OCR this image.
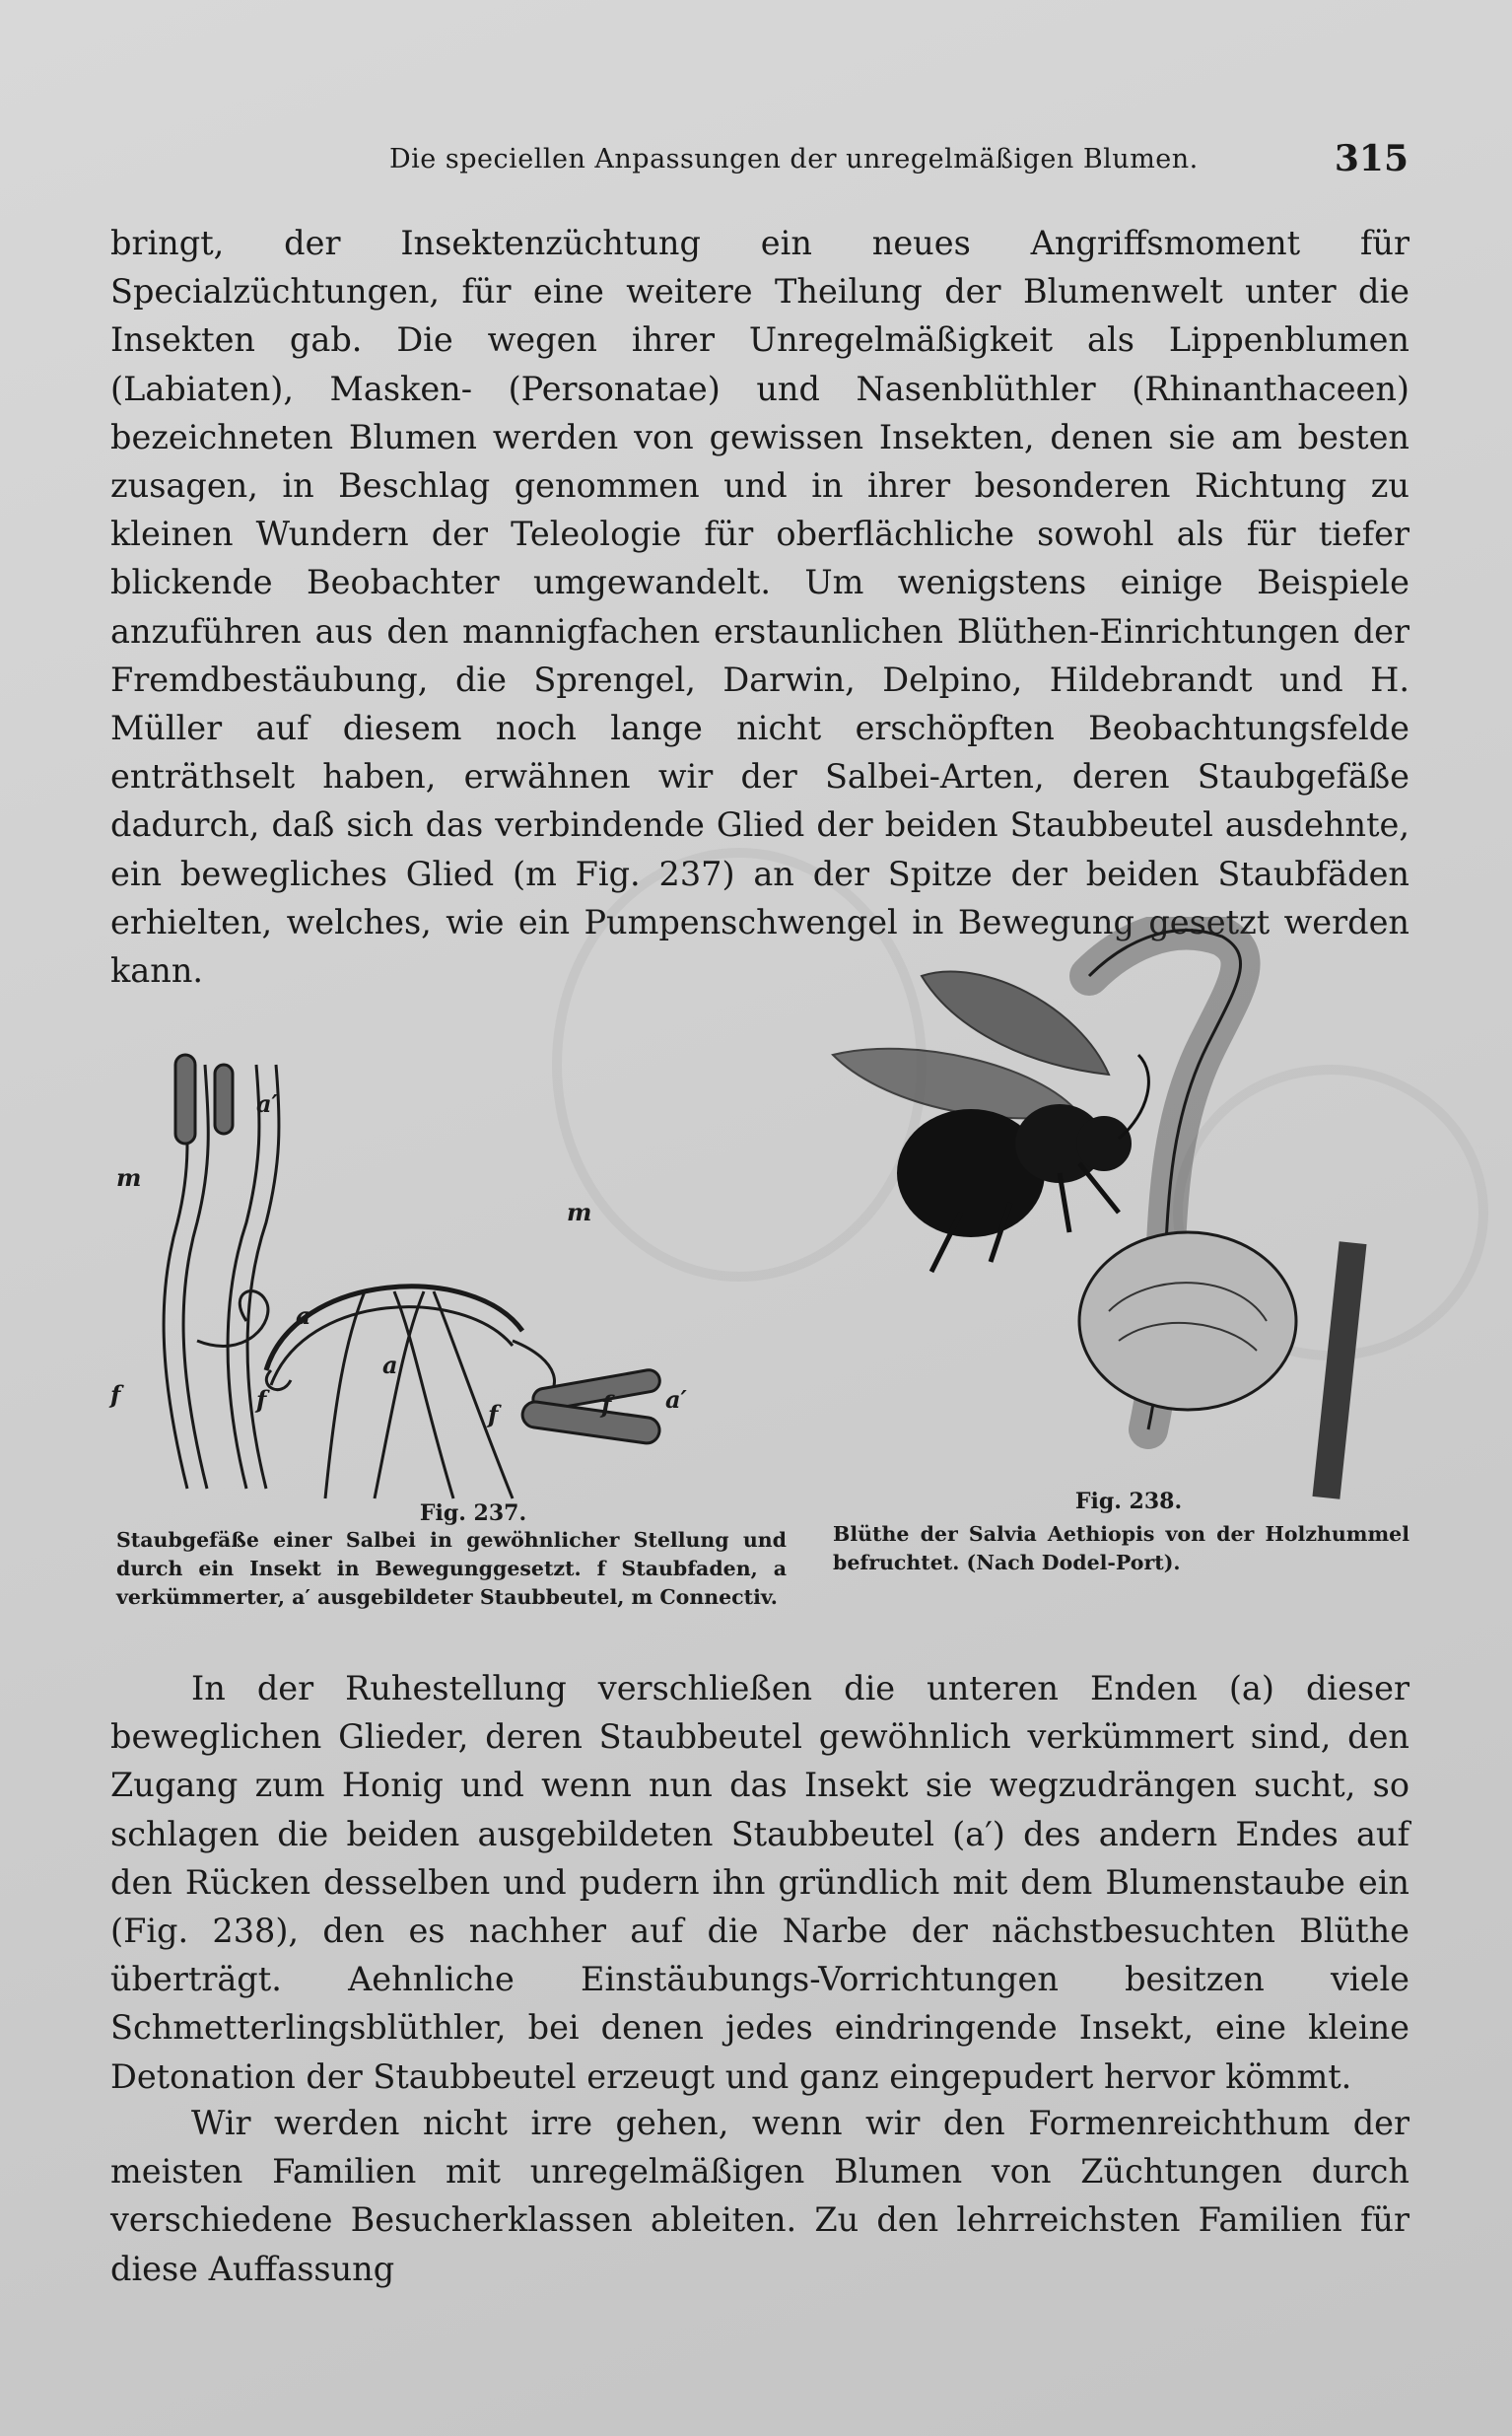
Die speciellen Anpassungen der unregelmäßigen Blumen.	315

bringt, der Insektenzüchtung ein neues Angriffsmoment für Specialzüchtungen, für eine weitere Theilung der Blumenwelt unter die Insekten gab. Die wegen ihrer Unregelmäßigkeit als Lippenblumen (Labiaten), Masken- (Personatae) und Nasenblüthler (Rhinanthaceen) bezeichneten Blumen werden von gewissen Insekten, denen sie am besten zusagen, in Beschlag genommen und in ihrer besonderen Richtung zu kleinen Wundern der Teleologie für oberflächliche sowohl als für tiefer blickende Beobachter umgewandelt. Um wenigstens einige Beispiele anzuführen aus den mannigfachen erstaunlichen Blüthen-Einrichtungen der Fremdbestäubung, die Sprengel, Darwin, Delpino, Hildebrandt und H. Müller auf diesem noch lange nicht erschöpften Beobachtungsfelde enträthselt haben, erwähnen wir der Salbei-Arten, deren Staubgefäße dadurch, daß sich das verbindende Glied der beiden Staubbeutel ausdehnte, ein bewegliches Glied (m Fig. 237) an der Spitze der beiden Staubfäden erhielten, welches, wie ein Pumpenschwengel in Bewegung gesetzt werden kann.

m
a′
a
f	f
m
a
f	f a′
Fig. 237.	Fig. 238.

Staubgefäße einer Salbei in gewöhnlicher Stellung und durch ein Insekt in Bewegunggesetzt. f Staubfaden, a verkümmerter, a′ ausgebildeter Staubbeutel, m Connectiv.

Blüthe der Salvia Aethiopis von der Holzhummel befruchtet. (Nach Dodel-Port).

In der Ruhestellung verschließen die unteren Enden (a) dieser beweglichen Glieder, deren Staubbeutel gewöhnlich verkümmert sind, den Zugang zum Honig und wenn nun das Insekt sie wegzudrängen sucht, so schlagen die beiden ausgebildeten Staubbeutel (a′) des andern Endes auf den Rücken desselben und pudern ihn gründlich mit dem Blumenstaube ein (Fig. 238), den es nachher auf die Narbe der nächstbesuchten Blüthe überträgt. Aehnliche Einstäubungs-Vorrichtungen besitzen viele Schmetterlingsblüthler, bei denen jedes eindringende Insekt, eine kleine Detonation der Staubbeutel erzeugt und ganz eingepudert hervor kömmt.

Wir werden nicht irre gehen, wenn wir den Formenreichthum der meisten Familien mit unregelmäßigen Blumen von Züchtungen durch verschiedene Besucherklassen ableiten. Zu den lehrreichsten Familien für diese Auffassung
